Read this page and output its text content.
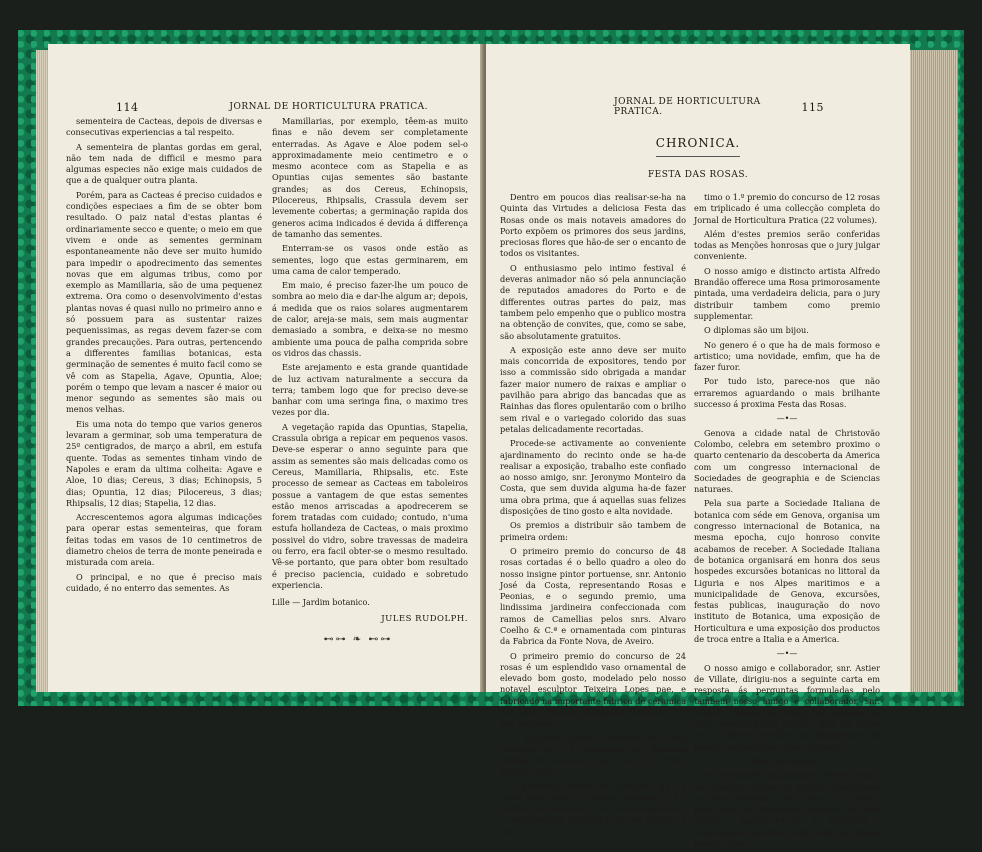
114	JORNAL DE HORTICULTURA PRATICA.

sementeira de Cacteas, depois de diversas e consecutivas experiencias a tal respeito.

A sementeira de plantas gordas em geral, não tem nada de difficil e mesmo para algumas especies não exige mais cuidados de que a de qualquer outra planta.

Porém, para as Cacteas é preciso cuidados e condições especiaes a fim de se obter bom resultado. O paiz natal d'estas plantas é ordinariamente secco e quente; o meio em que vivem e onde as sementes germinam espontaneamente não deve ser muito humido para impedir o apodrecimento das sementes novas que em algumas tribus, como por exemplo as Mamillaria, são de uma pequenez extrema. Ora como o desenvolvimento d'estas plantas novas é quasi nullo no primeiro anno e só possuem para as sustentar raizes pequenissimas, as regas devem fazer-se com grandes precauções. Para outras, pertencendo a differentes familias botanicas, esta germinação de sementes é muito facil como se vê com as Stapelia, Agave, Opuntia, Aloe; porém o tempo que levam a nascer é maior ou menor segundo as sementes são mais ou menos velhas.

Eis uma nota do tempo que varios generos levaram a germinar, sob uma temperatura de 25º centigrados, de março a abril, em estufa quente. Todas as sementes tinham vindo de Napoles e eram da ultima colheita: Agave e Aloe, 10 dias; Cereus, 3 dias; Echinopsis, 5 dias; Opuntia, 12 dias; Pilocereus, 3 dias; Rhipsalis, 12 dias; Stapelia, 12 dias.

Accrescentemos agora algumas indicações para operar estas sementeiras, que foram feitas todas em vasos de 10 centimetros de diametro cheios de terra de monte peneirada e misturada com areia.

O principal, e no que é preciso mais cuidado, é no enterro das sementes. As

Mamillarias, por exemplo, têem-as muito finas e não devem ser completamente enterradas. As Agave e Aloe podem sel-o approximadamente meio centimetro e o mesmo acontece com as Stapelia e as Opuntias cujas sementes são bastante grandes; as dos Cereus, Echinopsis, Pilocereus, Rhipsalis, Crassula devem ser levemente cobertas; a germinação rapida dos generos acima indicados é devida á differença de tamanho das sementes.

Enterram-se os vasos onde estão as sementes, logo que estas germinarem, em uma cama de calor temperado.

Em maio, é preciso fazer-lhe um pouco de sombra ao meio dia e dar-lhe algum ar; depois, á medida que os raios solares augmentarem de calor, areja-se mais, sem mais augmentar demasiado a sombra, e deixa-se no mesmo ambiente uma pouca de palha comprida sobre os vidros das chassis.

Este arejamento e esta grande quantidade de luz activam naturalmente a seccura da terra; tambem logo que for preciso deve-se banhar com uma seringa fina, o maximo tres vezes por dia.

A vegetação rapida das Opuntias, Stapelia, Crassula obriga a repicar em pequenos vasos. Deve-se esperar o anno seguinte para que assim as sementes são mais delicadas como os Cereus, Mamillaria, Rhipsalis, etc. Este processo de semear as Cacteas em taboleiros possue a vantagem de que estas sementes estão menos arriscadas a apodrecerem se forem tratadas com cuidado; contudo, n'uma estufa hollandeza de Cacteas, o mais proximo possivel do vidro, sobre travessas de madeira ou ferro, era facil obter-se o mesmo resultado. Vê-se portanto, que para obter bom resultado é preciso paciencia, cuidado e sobretudo experiencia.

Lille — Jardim botanico.
JULES RUDOLPH.
⊷⊶ ❧ ⊷⊶
JORNAL DE HORTICULTURA PRATICA.	115
CHRONICA.
FESTA DAS ROSAS.

Dentro em poucos dias realisar-se-ha na Quinta das Virtudes a deliciosa Festa das Rosas onde os mais notaveis amadores do Porto expõem os primores dos seus jardins, preciosas flores que hão-de ser o encanto de todos os visitantes.

O enthusiasmo pelo intimo festival é deveras animador não só pela annunciação de reputados amadores do Porto e de differentes outras partes do paiz, mas tambem pelo empenho que o publico mostra na obtenção de convites, que, como se sabe, são absolutamente gratuitos.

A exposição este anno deve ser muito mais concorrida de expositores, tendo por isso a commissão sido obrigada a mandar fazer maior numero de raixas e ampliar o pavilhão para abrigo das bancadas que as Rainhas das flores opulentarão com o brilho sem rival e o variegado colorido das suas petalas delicadamente recortadas.

Procede-se activamente ao conveniente ajardinamento do recinto onde se ha-de realisar a exposição, trabalho este confiado ao nosso amigo, snr. Jeronymo Monteiro da Costa, que sem duvida alguma ha-de fazer uma obra prima, que á aquellas suas felizes disposições de tino gosto e alta novidade.

Os premios a distribuir são tambem de primeira ordem:

O primeiro premio do concurso de 48 rosas cortadas é o bello quadro a oleo do nosso insigne pintor portuense, snr. Antonio José da Costa, representando Rosas e Peonias, e o segundo premio, uma lindissima jardineira confeccionada com ramos de Camellias pelos snrs. Alvaro Coelho & C.ª e ornamentada com pinturas da Fabrica da Fonte Nova, de Aveiro.

O primeiro premio do concurso de 24 rosas é um esplendido vaso ornamental de elevado bom gosto, modelado pelo nosso notavel esculptor Teixeira Lopes pae, e fabricado na importante fabrica de ceramica dos snrs. Antonio d'Almeida Costa & C.ª, das Devezas.

O segundo premio consiste em uma colecção das 15 variedades de Roseiras obtidas de semente pelo snr. Dr. Pedro Augusto Dias.

O primeiro premio do concurso de 12 rosas chás, são 50 roseiras diversas; o 1.º premio do concurso de 12 rosas amarellas é o bello livro de Alphand L'art des jardins; e por ul-

timo o 1.º premio do concurso de 12 rosas em triplicado é uma collecção completa do Jornal de Horticultura Pratica (22 volumes).

Além d'estes premios serão conferidas todas as Menções honrosas que o jury julgar conveniente.

O nosso amigo e distincto artista Alfredo Brandão offerece uma Rosa primorosamente pintada, uma verdadeira delicia, para o jury distribuir tambem como premio supplementar.

O diplomas são um bijou.

No genero é o que ha de mais formoso e artistico; uma novidade, emfim, que ha de fazer furor.

Por tudo isto, parece-nos que não erraremos aguardando o mais brilhante successo á proxima Festa das Rosas.

—•—

Genova a cidade natal de Christovão Colombo, celebra em setembro proximo o quarto centenario da descoberta da America com um congresso internacional de Sociedades de geographia e de Sciencias naturaes.

Pela sua parte a Sociedade Italiana de botanica com séde em Genova, organisa um congresso internacional de Botanica, na mesma epocha, cujo honroso convite acabamos de receber. A Sociedade Italiana de botanica organisará em honra dos seus hospedes excursões botanicas no littoral da Liguria e nos Alpes maritimos e a municipalidade de Genova, excursões, festas publicas, inauguração do novo instituto de Botanica, uma exposição de Horticultura e uma exposição dos productos de troca entre a Italia e a America.

—•—

O nosso amigo e collaborador, snr. Astier de Villate, dirigiu-nos a seguinte carta em resposta ás perguntas formuladas pelo tambem nosso amigo e collaborador, snr. Alberto Velloso de Araujo no numero de abril passado d'este jornal, a pag. 94, sobre se se devem semear os fragmentos de batata com um olho só ou com mais.

Meu caro amigo:

«O brilhante collaborador d'este jornal, snr. Alberto Velloso de Araujo, referindo-se ao novo methodo de cultura da batata, publicado no penultimo numero do seu jornal, a pagina 94 faz as seguintes e interessante questão: Cada uma das meias batatas deve
